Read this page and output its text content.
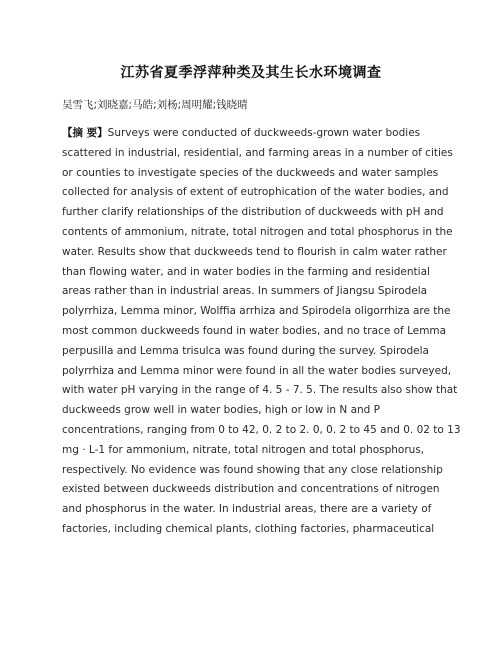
江苏省夏季浮萍种类及其生长水环境调查
吴雪飞;刘晓嘉;马皓;刘杨;周明耀;钱晓晴
【摘 要】Surveys were conducted of duckweeds-grown water bodies
scattered in industrial, residential, and farming areas in a number of cities
or counties to investigate species of the duckweeds and water samples
collected for analysis of extent of eutrophication of the water bodies, and
further clarify relationships of the distribution of duckweeds with pH and
contents of ammonium, nitrate, total nitrogen and total phosphorus in the
water. Results show that duckweeds tend to flourish in calm water rather
than flowing water, and in water bodies in the farming and residential
areas rather than in industrial areas. In summers of Jiangsu Spirodela
polyrrhiza, Lemma minor, Wolffia arrhiza and Spirodela oligorrhiza are the
most common duckweeds found in water bodies, and no trace of Lemma
perpusilla and Lemma trisulca was found during the survey. Spirodela
polyrrhiza and Lemma minor were found in all the water bodies surveyed,
with water pH varying in the range of 4. 5 - 7. 5. The results also show that
duckweeds grow well in water bodies, high or low in N and P
concentrations, ranging from 0 to 42, 0. 2 to 2. 0, 0. 2 to 45 and 0. 02 to 13
mg · L-1 for ammonium, nitrate, total nitrogen and total phosphorus,
respectively. No evidence was found showing that any close relationship
existed between duckweeds distribution and concentrations of nitrogen
and phosphorus in the water. In industrial areas, there are a variety of
factories, including chemical plants, clothing factories, pharmaceutical
